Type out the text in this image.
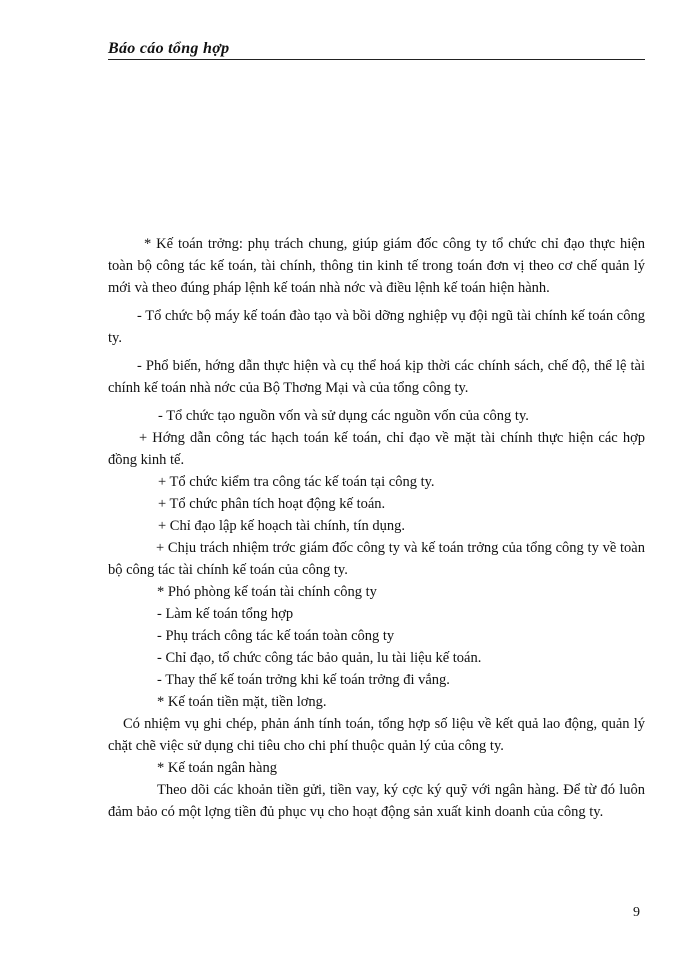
Báo cáo tổng hợp

* Kế toán trởng: phụ trách chung, giúp giám đốc công ty tổ chức chỉ đạo thực hiện toàn bộ công tác kế toán, tài chính, thông tin kinh tế trong toán đơn vị theo cơ chế quản lý mới và theo đúng pháp lệnh kế toán nhà nớc và điều lệnh kế toán hiện hành.

- Tổ chức bộ máy kế toán đào tạo và bồi dỡng nghiệp vụ đội ngũ tài chính kế toán công ty.

- Phổ biến, hớng dẫn thực hiện và cụ thể hoá kịp thời các chính sách, chế độ, thể lệ tài chính kế toán nhà nớc của Bộ Thơng Mại và của tổng công ty.

- Tổ chức tạo nguồn vốn và sử dụng các nguồn vốn của công ty.

+ Hớng dẫn công tác hạch toán kế toán, chỉ đạo về mặt tài chính thực hiện các hợp đồng kinh tế.

+ Tổ chức kiểm tra công tác kế toán tại công ty.

+ Tổ chức phân tích hoạt động kế toán.

+ Chỉ đạo lập kế hoạch tài chính, tín dụng.

+ Chịu trách nhiệm trớc giám đốc công ty và kế toán trởng của tổng công ty về toàn bộ công tác tài chính kế toán của công ty.

* Phó phòng kế toán tài chính công ty

- Làm kế toán tổng hợp

- Phụ trách công tác kế toán toàn công ty

- Chỉ đạo, tổ chức công tác bảo quản, lu tài liệu kế toán.

- Thay thế kế toán trởng khi kế toán trởng đi vắng.

* Kế toán tiền mặt, tiền lơng.

Có nhiệm vụ ghi chép, phản ánh tính toán, tổng hợp số liệu về kết quả lao động, quản lý chặt chẽ việc sử dụng chi tiêu cho chi phí thuộc quản lý của công ty.

* Kế toán ngân hàng

Theo dõi các khoản tiền gửi, tiền vay, ký cợc ký quỹ với ngân hàng. Để từ đó luôn đảm bảo có một lợng tiền đủ phục vụ cho hoạt động sản xuất kinh doanh của công ty.

9
